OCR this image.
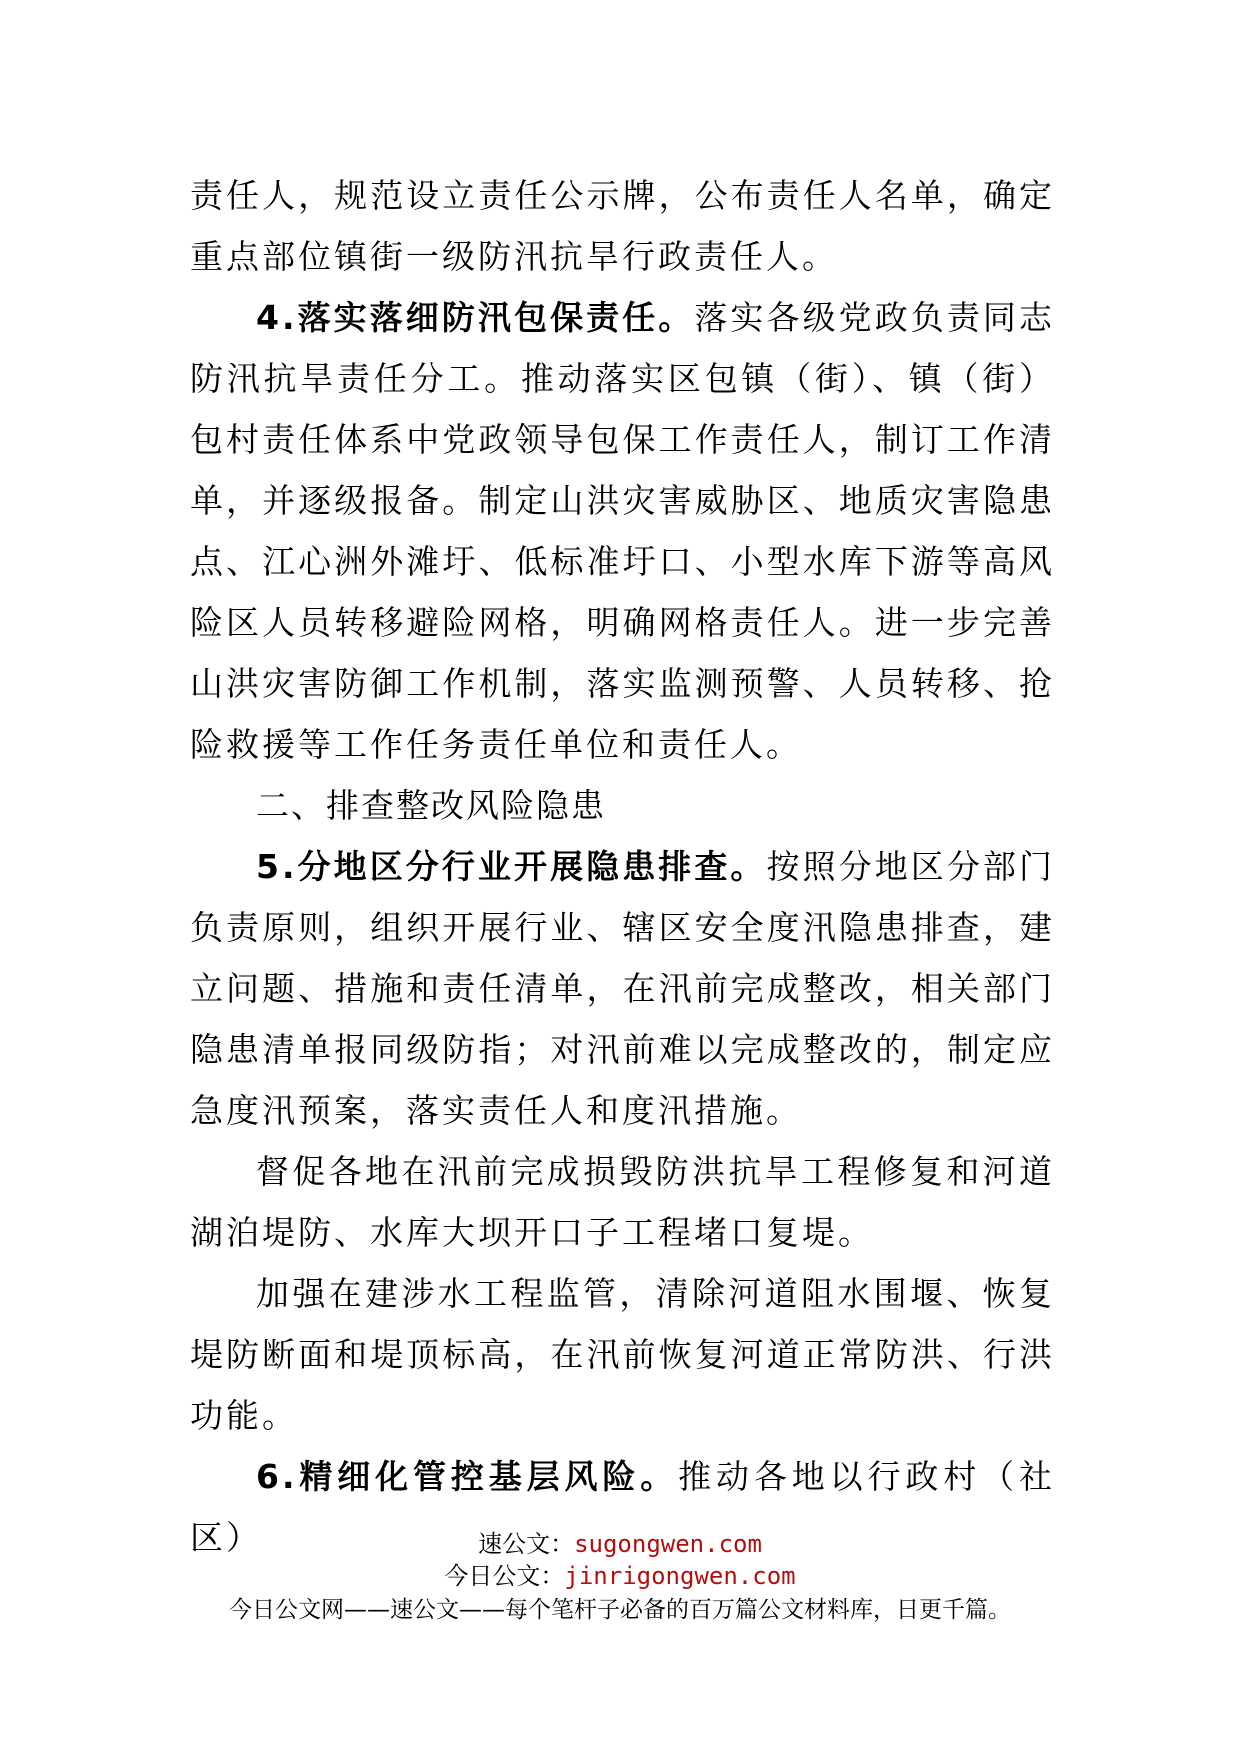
责任人，规范设立责任公示牌，公布责任人名单，确定重点部位镇街一级防汛抗旱行政责任人。

4.落实落细防汛包保责任。落实各级党政负责同志防汛抗旱责任分工。推动落实区包镇（街）、镇（街）包村责任体系中党政领导包保工作责任人，制订工作清单，并逐级报备。制定山洪灾害威胁区、地质灾害隐患点、江心洲外滩圩、低标准圩口、小型水库下游等高风险区人员转移避险网格，明确网格责任人。进一步完善山洪灾害防御工作机制，落实监测预警、人员转移、抢险救援等工作任务责任单位和责任人。

二、排查整改风险隐患

5.分地区分行业开展隐患排查。按照分地区分部门负责原则，组织开展行业、辖区安全度汛隐患排查，建立问题、措施和责任清单，在汛前完成整改，相关部门隐患清单报同级防指；对汛前难以完成整改的，制定应急度汛预案，落实责任人和度汛措施。

督促各地在汛前完成损毁防洪抗旱工程修复和河道湖泊堤防、水库大坝开口子工程堵口复堤。

加强在建涉水工程监管，清除河道阻水围堰、恢复堤防断面和堤顶标高，在汛前恢复河道正常防洪、行洪功能。

6.精细化管控基层风险。推动各地以行政村（社区）	速公文：sugongwen.com
今日公文：jinrigongwen.com
今日公文网——速公文——每个笔杆子必备的百万篇公文材料库，日更千篇。
